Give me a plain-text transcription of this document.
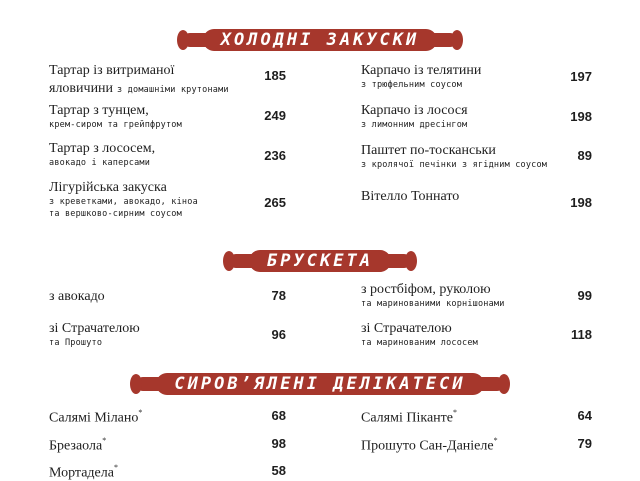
ХОЛОДНІ ЗАКУСКИ
Тартар із витриманої
яловичини з домашніми крутонами
185
Тартар з тунцем,
крем-сиром та грейпфрутом
249
Тартар з лососем,
авокадо і каперсами	236
Лігурійська закуска
з креветками, авокадо, кіноа
та вершково-сирним соусом
265
Карпачо із телятини
з трюфельним соусом
197
Карпачо із лосося
з лимонним дресінгом
198
Паштет по-тосканськи
з кролячої печінки з ягідним соусом
89
Вітелло Тоннато	198
БРУСКЕТА
з авокадо	78
зі Страчателою
та Прошуто
96
з ростбіфом, руколою
та маринованими корнішонами
99
зі Страчателою
та маринованим лососем
118
СИРОВ’ЯЛЕНІ ДЕЛІКАТЕСИ
Салямі Мілано*	68
Брезаола*	98
Мортадела*	58
Салямі Піканте*	64
Прошуто Сан-Даніеле*	79
